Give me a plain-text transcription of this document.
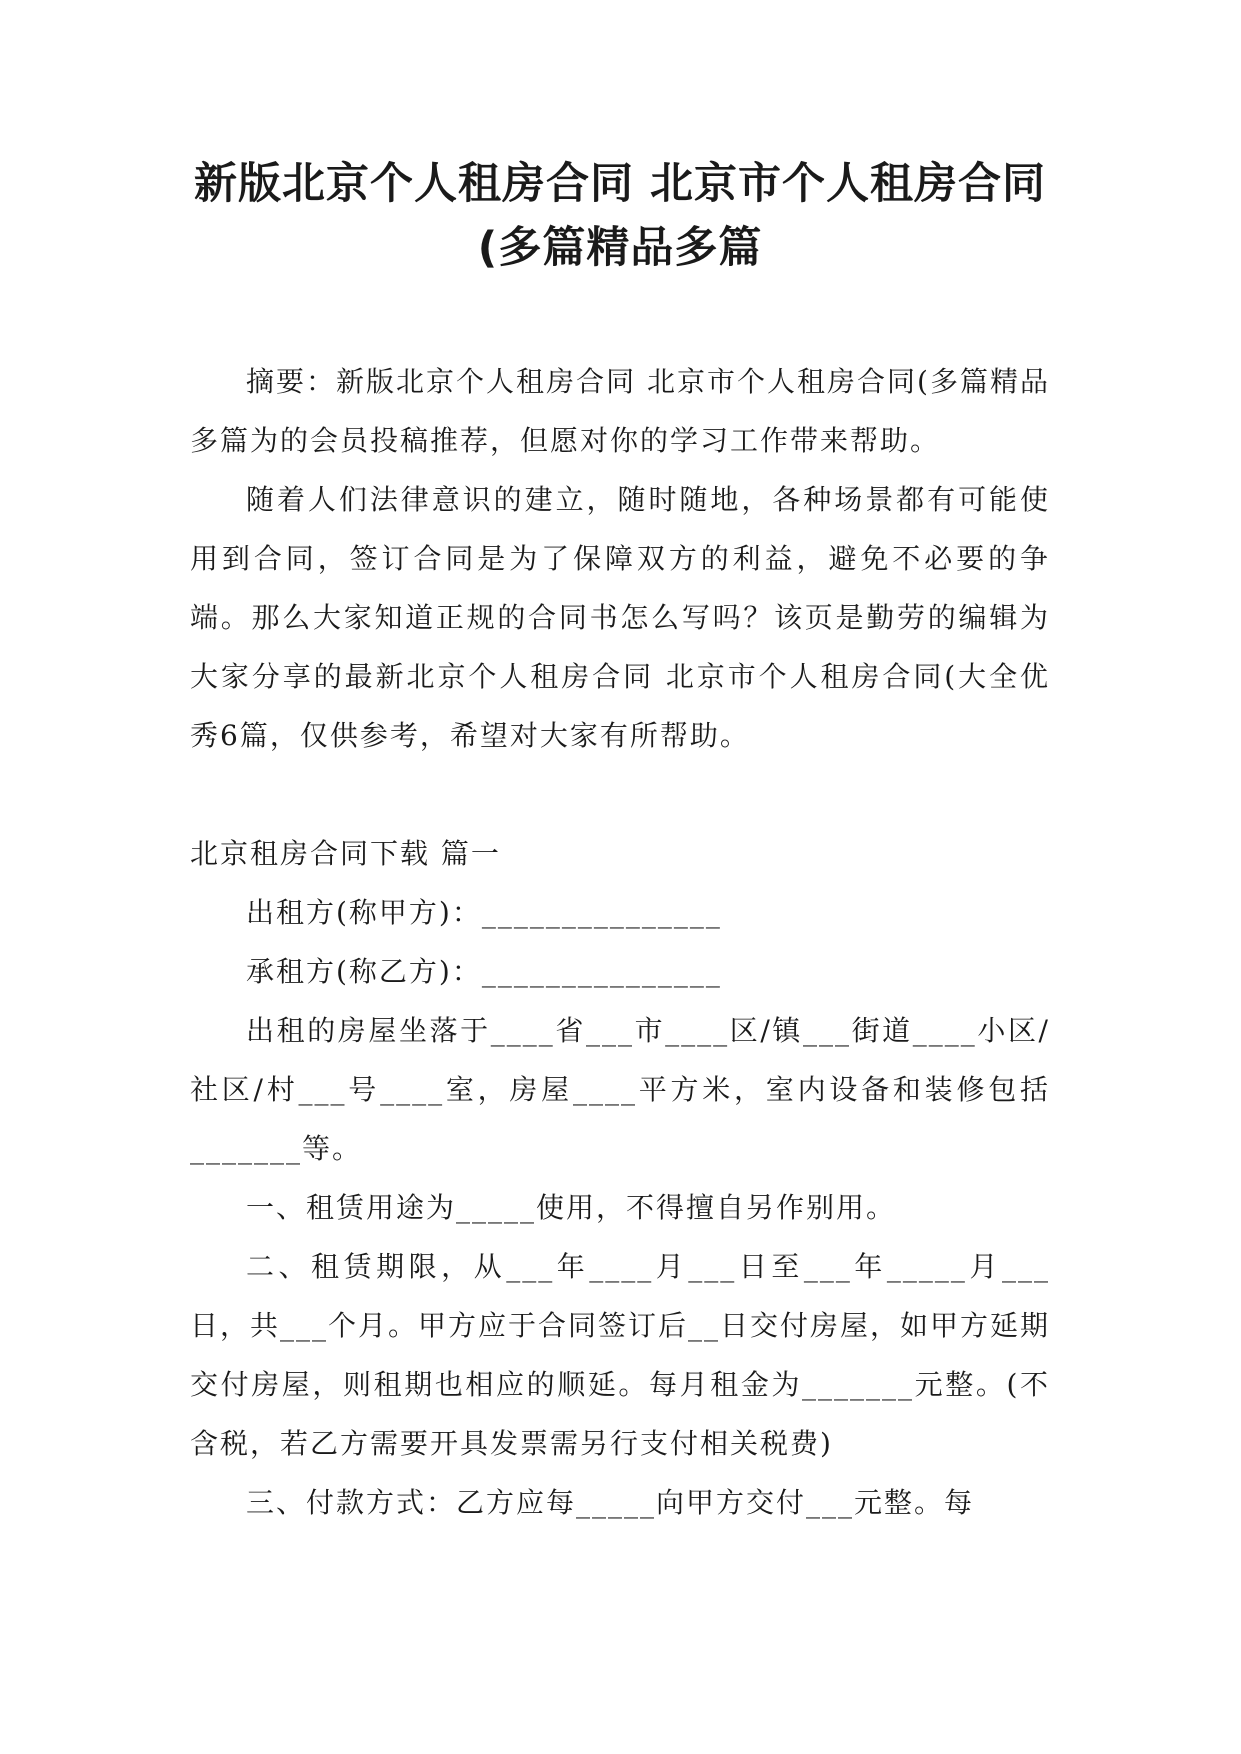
新版北京个人租房合同 北京市个人租房合同(多篇精品多篇

摘要：新版北京个人租房合同 北京市个人租房合同(多篇精品多篇为的会员投稿推荐，但愿对你的学习工作带来帮助。

随着人们法律意识的建立，随时随地，各种场景都有可能使用到合同，签订合同是为了保障双方的利益，避免不必要的争端。那么大家知道正规的合同书怎么写吗？该页是勤劳的编辑为大家分享的最新北京个人租房合同 北京市个人租房合同(大全优秀6篇，仅供参考，希望对大家有所帮助。

北京租房合同下载 篇一

出租方(称甲方)：_______________

承租方(称乙方)：_______________

出租的房屋坐落于____省___市____区/镇___街道____小区/社区/村___号____室，房屋____平方米，室内设备和装修包括_______等。

一、租赁用途为_____使用，不得擅自另作别用。

二、租赁期限，从___年____月___日至___年_____月___日，共___个月。甲方应于合同签订后__日交付房屋，如甲方延期交付房屋，则租期也相应的顺延。每月租金为_______元整。(不含税，若乙方需要开具发票需另行支付相关税费)

三、付款方式：乙方应每_____向甲方交付___元整。每
